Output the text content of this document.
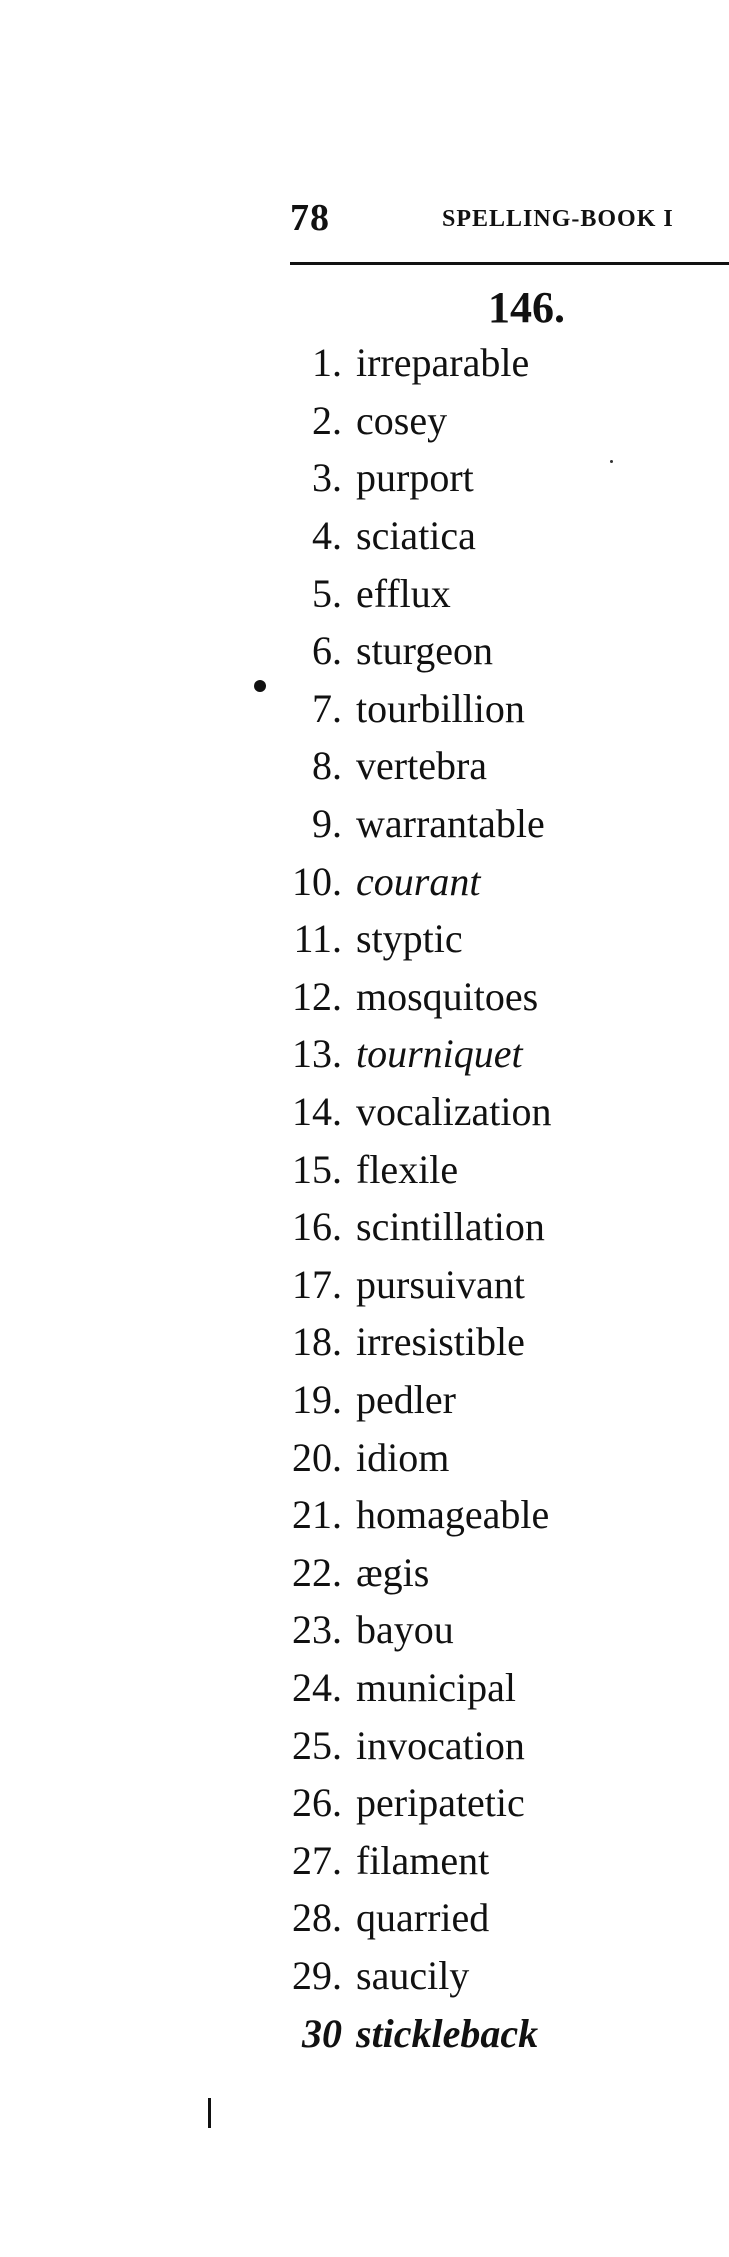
78	SPELLING-BOOK I
146.
1. irreparable
2. cosey
3. purport
4. sciatica
5. efflux
6. sturgeon
7. tourbillion
8. vertebra
9. warrantable
10. courant
11. styptic
12. mosquitoes
13. tourniquet
14. vocalization
15. flexile
16. scintillation
17. pursuivant
18. irresistible
19. pedler
20. idiom
21. homageable
22. ægis
23. bayou
24. municipal
25. invocation
26. peripatetic
27. filament
28. quarried
29. saucily
30 stickleback
